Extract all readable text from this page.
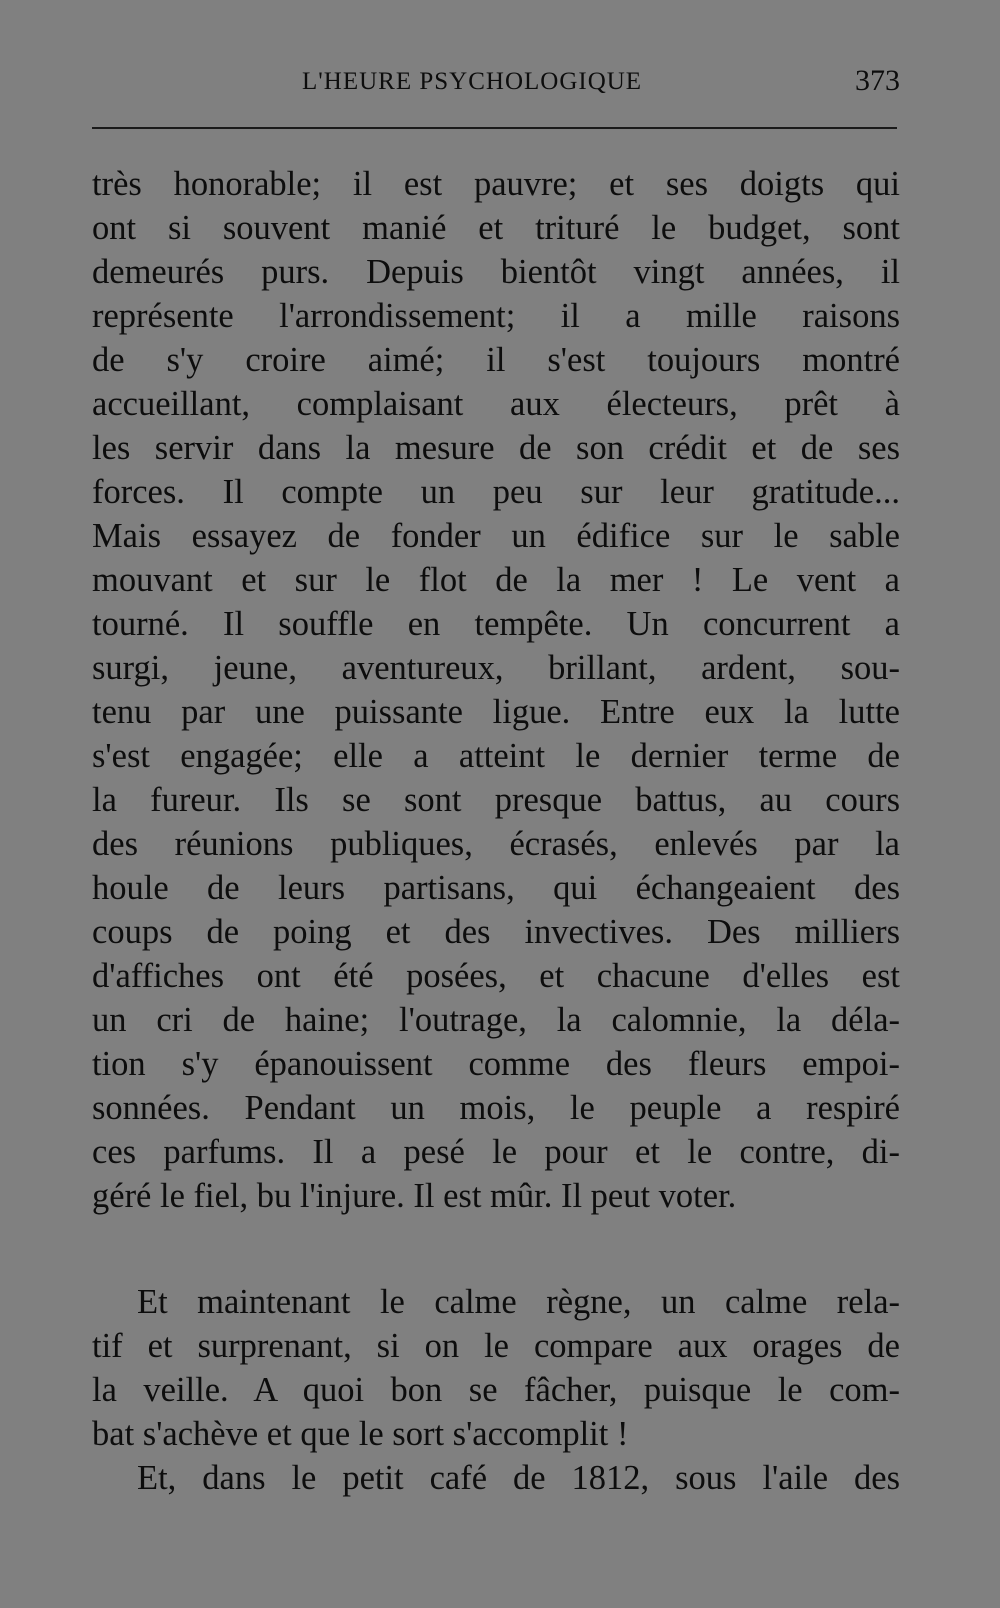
L'HEURE PSYCHOLOGIQUE	373
très honorable; il est pauvre; et ses doigts qui
ont si souvent manié et trituré le budget, sont
demeurés purs. Depuis bientôt vingt années, il
représente l'arrondissement; il a mille raisons
de s'y croire aimé; il s'est toujours montré
accueillant, complaisant aux électeurs, prêt à
les servir dans la mesure de son crédit et de ses
forces. Il compte un peu sur leur gratitude...
Mais essayez de fonder un édifice sur le sable
mouvant et sur le flot de la mer ! Le vent a
tourné. Il souffle en tempête. Un concurrent a
surgi, jeune, aventureux, brillant, ardent, sou-
tenu par une puissante ligue. Entre eux la lutte
s'est engagée; elle a atteint le dernier terme de
la fureur. Ils se sont presque battus, au cours
des réunions publiques, écrasés, enlevés par la
houle de leurs partisans, qui échangeaient des
coups de poing et des invectives. Des milliers
d'affiches ont été posées, et chacune d'elles est
un cri de haine; l'outrage, la calomnie, la déla-
tion s'y épanouissent comme des fleurs empoi-
sonnées. Pendant un mois, le peuple a respiré
ces parfums. Il a pesé le pour et le contre, di-
géré le fiel, bu l'injure. Il est mûr. Il peut voter.
Et maintenant le calme règne, un calme rela-
tif et surprenant, si on le compare aux orages de
la veille. A quoi bon se fâcher, puisque le com-
bat s'achève et que le sort s'accomplit !
Et, dans le petit café de 1812, sous l'aile des
